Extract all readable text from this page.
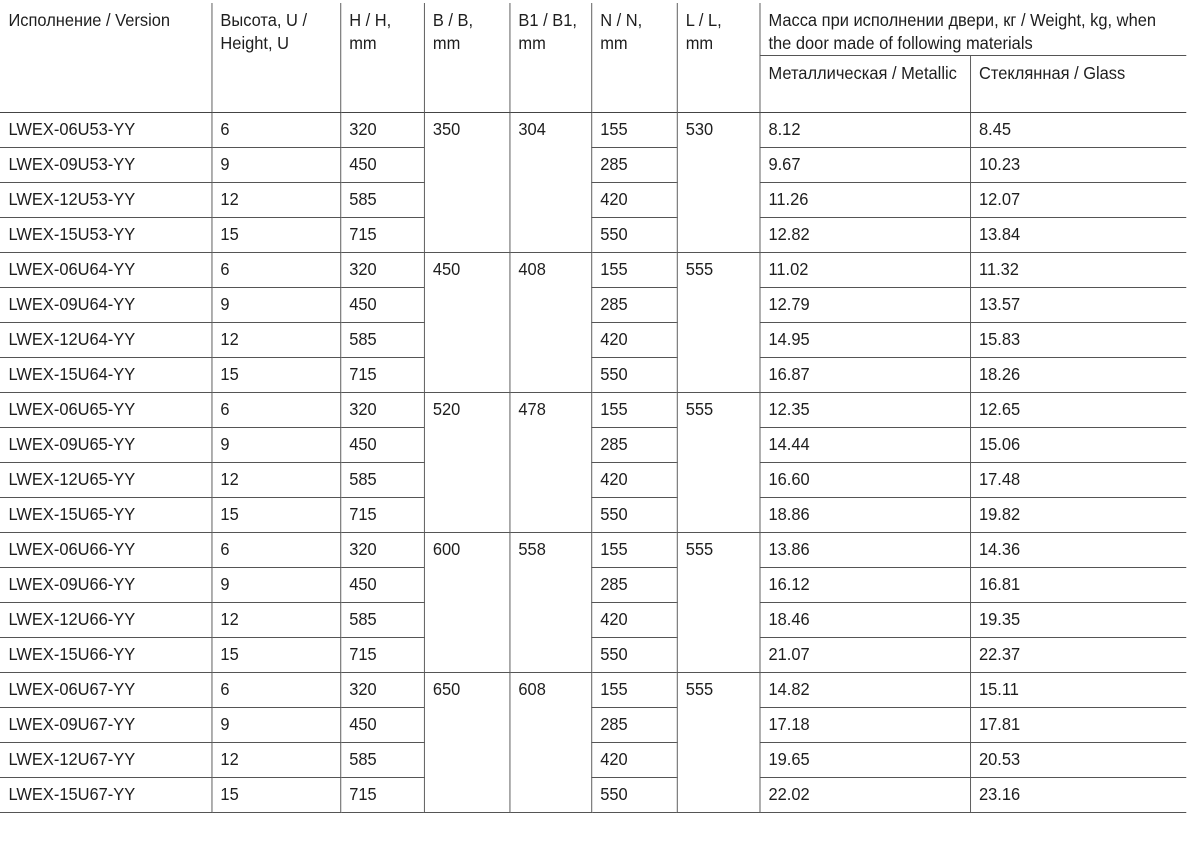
Исполнение / Version	Высота, U / Height, U	H / H, mm	B / B, mm	B1 / B1, mm	N / N, mm	L / L, mm	Масса при исполнении двери, кг / Weight, kg, when the door made of following materials	
							Металлическая / Metallic	Стеклянная / Glass
LWEX-06U53-YY	6	320	350	304	155	530	8.12	8.45
LWEX-09U53-YY	9	450			285		9.67	10.23
LWEX-12U53-YY	12	585			420		11.26	12.07
LWEX-15U53-YY	15	715			550		12.82	13.84
LWEX-06U64-YY	6	320	450	408	155	555	11.02	11.32
LWEX-09U64-YY	9	450			285		12.79	13.57
LWEX-12U64-YY	12	585			420		14.95	15.83
LWEX-15U64-YY	15	715			550		16.87	18.26
LWEX-06U65-YY	6	320	520	478	155	555	12.35	12.65
LWEX-09U65-YY	9	450			285		14.44	15.06
LWEX-12U65-YY	12	585			420		16.60	17.48
LWEX-15U65-YY	15	715			550		18.86	19.82
LWEX-06U66-YY	6	320	600	558	155	555	13.86	14.36
LWEX-09U66-YY	9	450			285		16.12	16.81
LWEX-12U66-YY	12	585			420		18.46	19.35
LWEX-15U66-YY	15	715			550		21.07	22.37
LWEX-06U67-YY	6	320	650	608	155	555	14.82	15.11
LWEX-09U67-YY	9	450			285		17.18	17.81
LWEX-12U67-YY	12	585			420		19.65	20.53
LWEX-15U67-YY	15	715			550		22.02	23.16
